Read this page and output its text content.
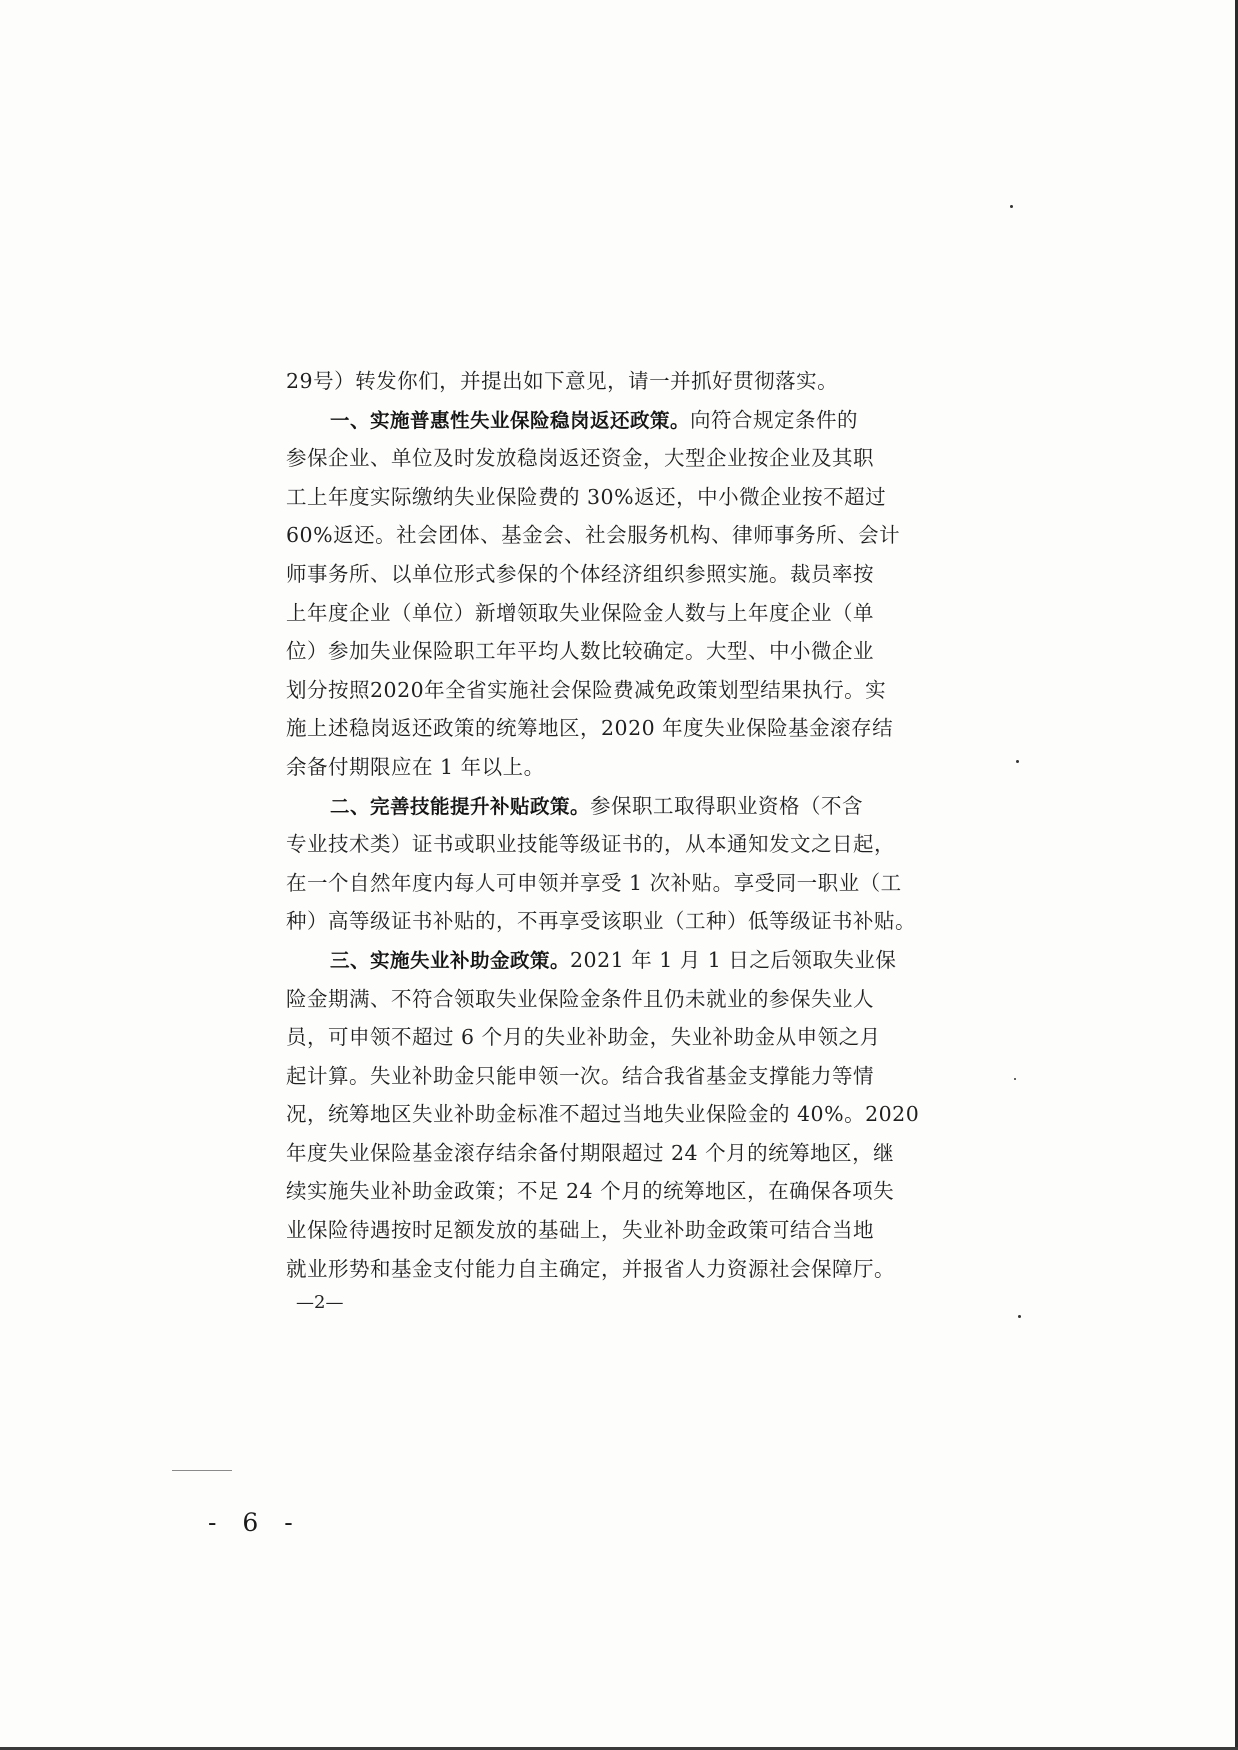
29号）转发你们，并提出如下意见，请一并抓好贯彻落实。
一、实施普惠性失业保险稳岗返还政策。向符合规定条件的
参保企业、单位及时发放稳岗返还资金，大型企业按企业及其职
工上年度实际缴纳失业保险费的 30%返还，中小微企业按不超过
60%返还。社会团体、基金会、社会服务机构、律师事务所、会计
师事务所、以单位形式参保的个体经济组织参照实施。裁员率按
上年度企业（单位）新增领取失业保险金人数与上年度企业（单
位）参加失业保险职工年平均人数比较确定。大型、中小微企业
划分按照2020年全省实施社会保险费减免政策划型结果执行。实
施上述稳岗返还政策的统筹地区，2020 年度失业保险基金滚存结
余备付期限应在 1 年以上。
二、完善技能提升补贴政策。参保职工取得职业资格（不含
专业技术类）证书或职业技能等级证书的，从本通知发文之日起，
在一个自然年度内每人可申领并享受 1 次补贴。享受同一职业（工
种）高等级证书补贴的，不再享受该职业（工种）低等级证书补贴。
三、实施失业补助金政策。2021 年 1 月 1 日之后领取失业保
险金期满、不符合领取失业保险金条件且仍未就业的参保失业人
员，可申领不超过 6 个月的失业补助金，失业补助金从申领之月
起计算。失业补助金只能申领一次。结合我省基金支撑能力等情
况，统筹地区失业补助金标准不超过当地失业保险金的 40%。2020
年度失业保险基金滚存结余备付期限超过 24 个月的统筹地区，继
续实施失业补助金政策；不足 24 个月的统筹地区，在确保各项失
业保险待遇按时足额发放的基础上，失业补助金政策可结合当地
就业形势和基金支付能力自主确定，并报省人力资源社会保障厅。
—2—
- 6 -
